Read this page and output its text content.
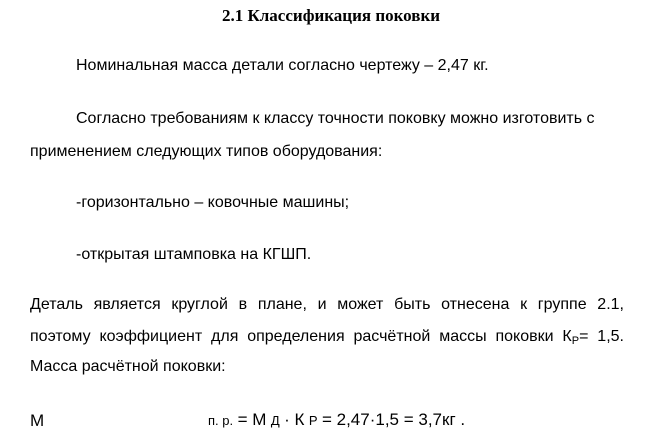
2.1 Классификация поковки
Номинальная масса детали согласно чертежу – 2,47 кг.
Согласно требованиям к классу точности поковку можно изготовить с
применением следующих типов оборудования:
-горизонтально – ковочные машины;
-открытая штамповка на КГШП.
Деталь является круглой в плане, и может быть отнесена к группе 2.1,
поэтому коэффициент для определения расчётной массы поковки $К_Р= 1,5$.
Масса расчётной поковки:
М	п. р. = М Д · К Р = 2,47·1,5 = 3,7кг .
